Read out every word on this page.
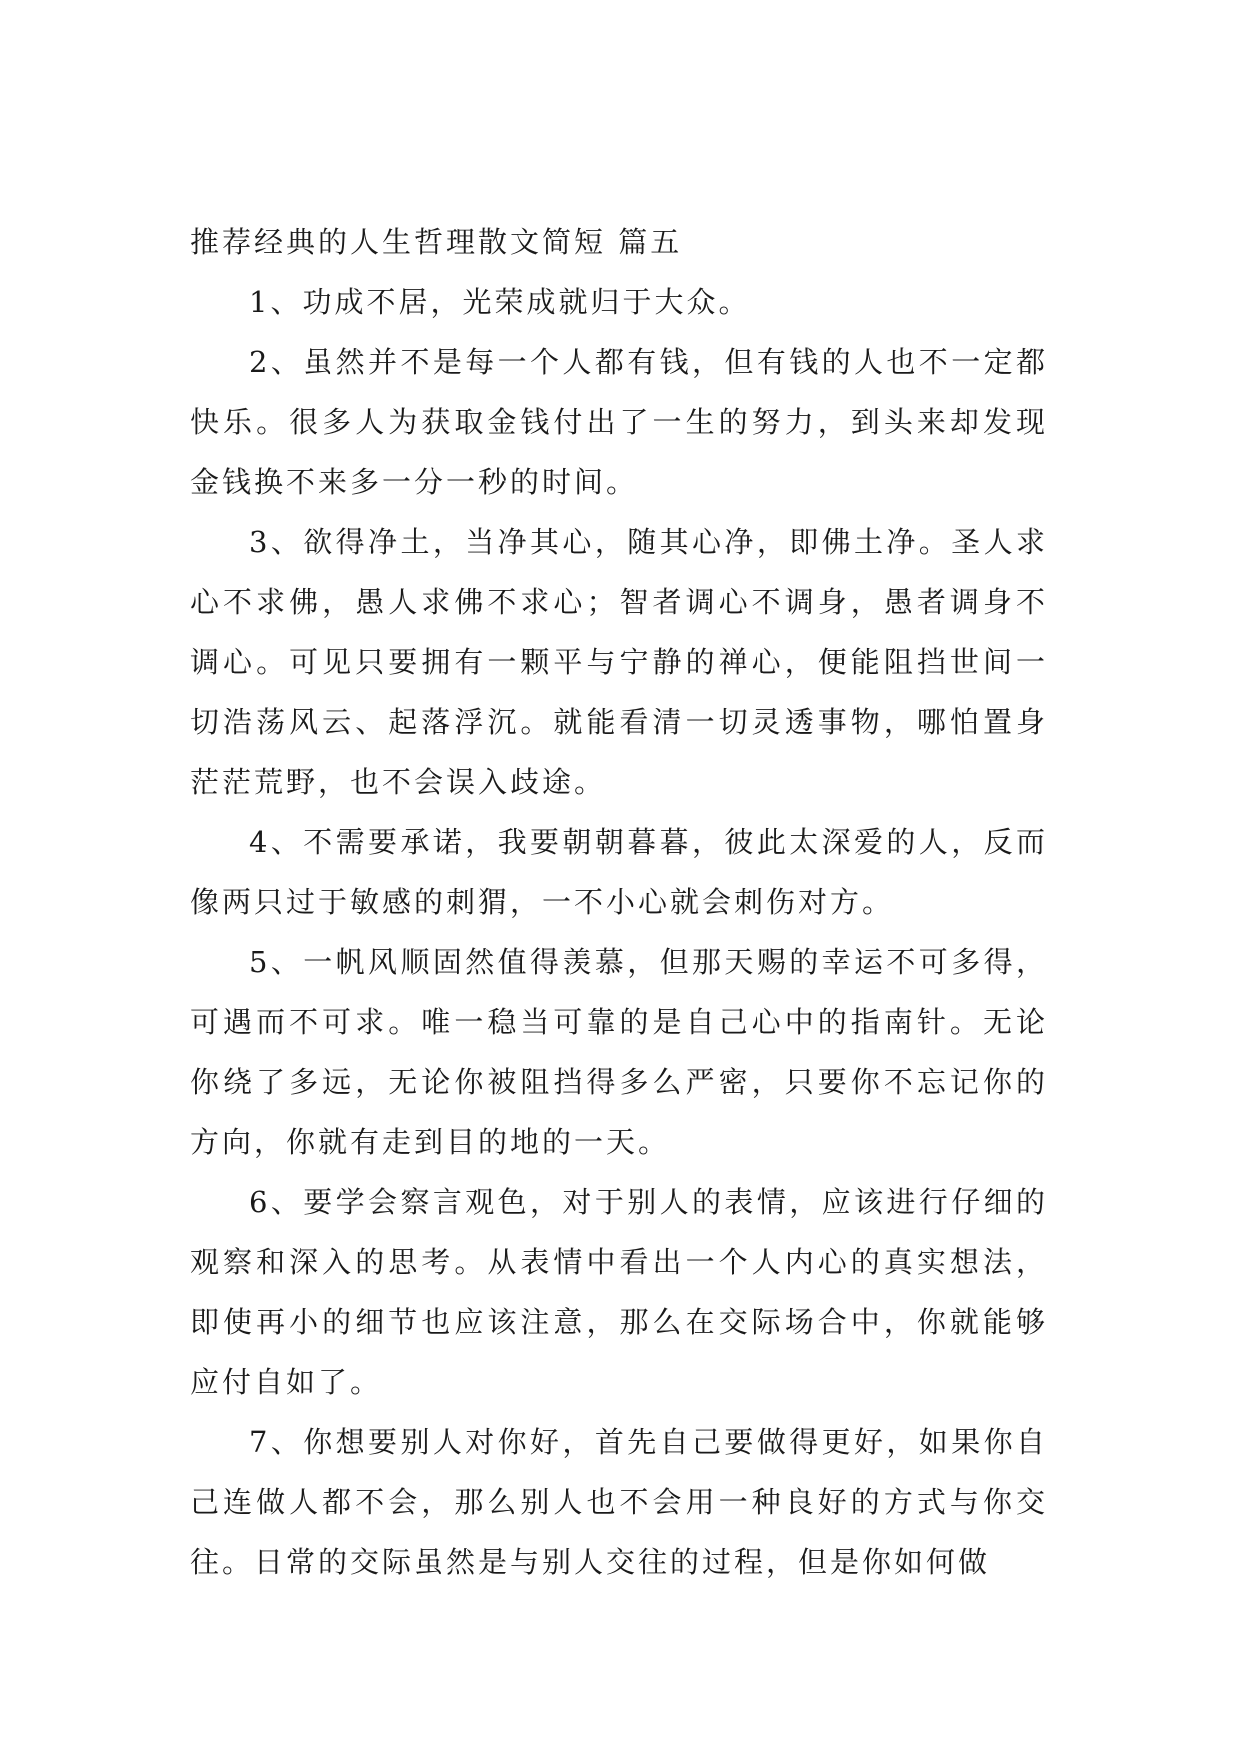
推荐经典的人生哲理散文简短 篇五

1、功成不居，光荣成就归于大众。

2、虽然并不是每一个人都有钱，但有钱的人也不一定都快乐。很多人为获取金钱付出了一生的努力，到头来却发现金钱换不来多一分一秒的时间。

3、欲得净土，当净其心，随其心净，即佛土净。圣人求心不求佛，愚人求佛不求心；智者调心不调身，愚者调身不调心。可见只要拥有一颗平与宁静的禅心，便能阻挡世间一切浩荡风云、起落浮沉。就能看清一切灵透事物，哪怕置身茫茫荒野，也不会误入歧途。

4、不需要承诺，我要朝朝暮暮，彼此太深爱的人，反而像两只过于敏感的刺猬，一不小心就会刺伤对方。

5、一帆风顺固然值得羡慕，但那天赐的幸运不可多得，可遇而不可求。唯一稳当可靠的是自己心中的指南针。无论你绕了多远，无论你被阻挡得多么严密，只要你不忘记你的方向，你就有走到目的地的一天。

6、要学会察言观色，对于别人的表情，应该进行仔细的观察和深入的思考。从表情中看出一个人内心的真实想法，即使再小的细节也应该注意，那么在交际场合中，你就能够应付自如了。

7、你想要别人对你好，首先自己要做得更好，如果你自己连做人都不会，那么别人也不会用一种良好的方式与你交往。日常的交际虽然是与别人交往的过程，但是你如何做
